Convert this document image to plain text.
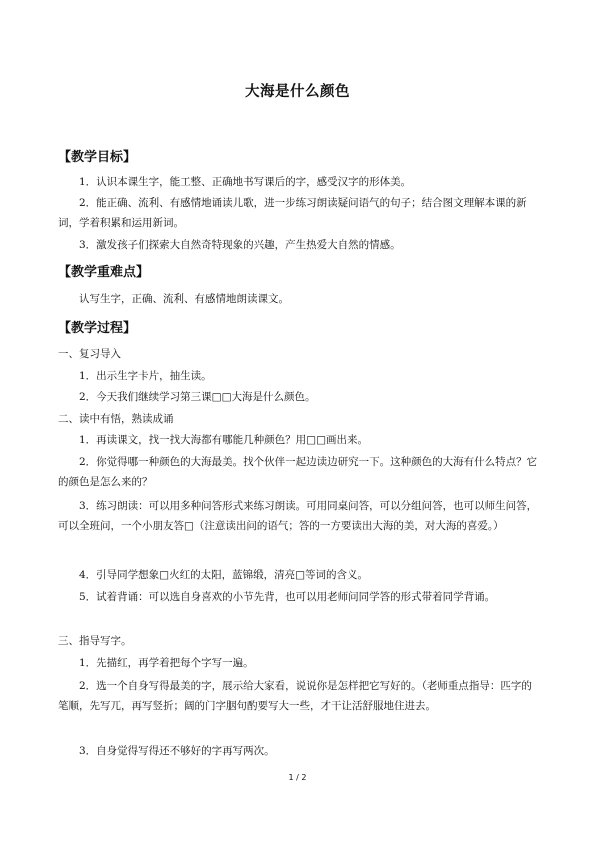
大海是什么颜色
【教学目标】

1．认识本课生字，能工整、正确地书写课后的字，感受汉字的形体美。

2．能正确、流利、有感情地诵读儿歌，进一步练习朗读疑问语气的句子；结合图文理解本课的新词，学着积累和运用新词。

3．激发孩子们探索大自然奇特现象的兴趣，产生热爱大自然的情感。

【教学重难点】

认写生字，正确、流利、有感情地朗读课文。

【教学过程】

一、复习导入

1．出示生字卡片，抽生读。

2．今天我们继续学习第三课□□大海是什么颜色。

二、读中有悟，熟读成诵

1．再读课文，找一找大海都有哪能几种颜色？用□□画出来。

2．你觉得哪一种颜色的大海最美。找个伙伴一起边读边研究一下。这种颜色的大海有什么特点？它的颜色是怎么来的？

3．练习朗读：可以用多种问答形式来练习朗读。可用同桌问答，可以分组问答，也可以师生问答，可以全班问，一个小朋友答□（注意读出问的语气；答的一方要读出大海的美，对大海的喜爱。）

4．引导同学想象□火红的太阳，蓝锦缎，清亮□等词的含义。

5．试着背诵：可以选自身喜欢的小节先背，也可以用老师问同学答的形式带着同学背诵。

三、指导写字。

1．先描红，再学着把每个字写一遍。

2．选一个自身写得最美的字，展示给大家看，说说你是怎样把它写好的。（老师重点指导：匹字的笔顺，先写兀，再写竖折；阔的门字胭句酌要写大一些，才干让活舒服地住进去。

3．自身觉得写得还不够好的字再写两次。

1 / 2
